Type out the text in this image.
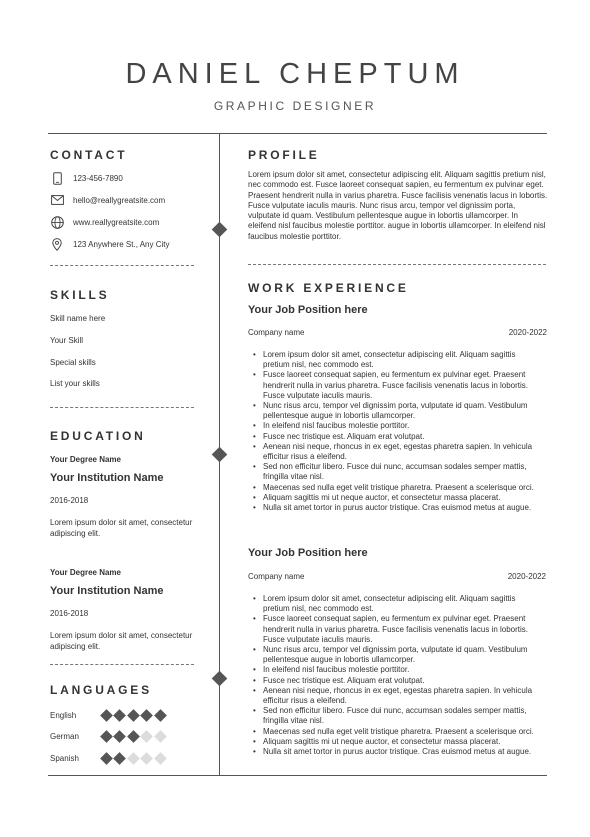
DANIEL CHEPTUM
GRAPHIC DESIGNER
CONTACT
123-456-7890
hello@reallygreatsite.com
www.reallygreatsite.com
123 Anywhere St., Any City
SKILLS
Skill name here
Your Skill
Special skills
List your skills
EDUCATION
Your Degree Name
Your Institution Name
2016-2018
Lorem ipsum dolor sit amet, consectetur adipiscing elit.
Your Degree Name
Your Institution Name
2016-2018
Lorem ipsum dolor sit amet, consectetur adipiscing elit.
LANGUAGES
English
German
Spanish
PROFILE
Lorem ipsum dolor sit amet, consectetur adipiscing elit. Aliquam sagittis pretium nisl, nec commodo est. Fusce laoreet consequat sapien, eu fermentum ex pulvinar eget. Praesent hendrerit nulla in varius pharetra. Fusce facilisis venenatis lacus in lobortis. Fusce vulputate iaculis mauris. Nunc risus arcu, tempor vel dignissim porta, vulputate id quam. Vestibulum pellentesque augue in lobortis ullamcorper. In eleifend nisl faucibus molestie porttitor. augue in lobortis ullamcorper. In eleifend nisl faucibus molestie porttitor.
WORK EXPERIENCE
Your Job Position here
Company name	2020-2022
• Lorem ipsum dolor sit amet, consectetur adipiscing elit. Aliquam sagittis pretium nisl, nec commodo est.
• Fusce laoreet consequat sapien, eu fermentum ex pulvinar eget. Praesent hendrerit nulla in varius pharetra. Fusce facilisis venenatis lacus in lobortis. Fusce vulputate iaculis mauris.
• Nunc risus arcu, tempor vel dignissim porta, vulputate id quam. Vestibulum pellentesque augue in lobortis ullamcorper.
• In eleifend nisl faucibus molestie porttitor.
• Fusce nec tristique est. Aliquam erat volutpat.
• Aenean nisi neque, rhoncus in ex eget, egestas pharetra sapien. In vehicula efficitur risus a eleifend.
• Sed non efficitur libero. Fusce dui nunc, accumsan sodales semper mattis, fringilla vitae nisl.
• Maecenas sed nulla eget velit tristique pharetra. Praesent a scelerisque orci.
• Aliquam sagittis mi ut neque auctor, et consectetur massa placerat.
• Nulla sit amet tortor in purus auctor tristique. Cras euismod metus at augue.
Your Job Position here
Company name	2020-2022
• Lorem ipsum dolor sit amet, consectetur adipiscing elit. Aliquam sagittis pretium nisl, nec commodo est.
• Fusce laoreet consequat sapien, eu fermentum ex pulvinar eget. Praesent hendrerit nulla in varius pharetra. Fusce facilisis venenatis lacus in lobortis. Fusce vulputate iaculis mauris.
• Nunc risus arcu, tempor vel dignissim porta, vulputate id quam. Vestibulum pellentesque augue in lobortis ullamcorper.
• In eleifend nisl faucibus molestie porttitor.
• Fusce nec tristique est. Aliquam erat volutpat.
• Aenean nisi neque, rhoncus in ex eget, egestas pharetra sapien. In vehicula efficitur risus a eleifend.
• Sed non efficitur libero. Fusce dui nunc, accumsan sodales semper mattis, fringilla vitae nisl.
• Maecenas sed nulla eget velit tristique pharetra. Praesent a scelerisque orci.
• Aliquam sagittis mi ut neque auctor, et consectetur massa placerat.
• Nulla sit amet tortor in purus auctor tristique. Cras euismod metus at augue.
